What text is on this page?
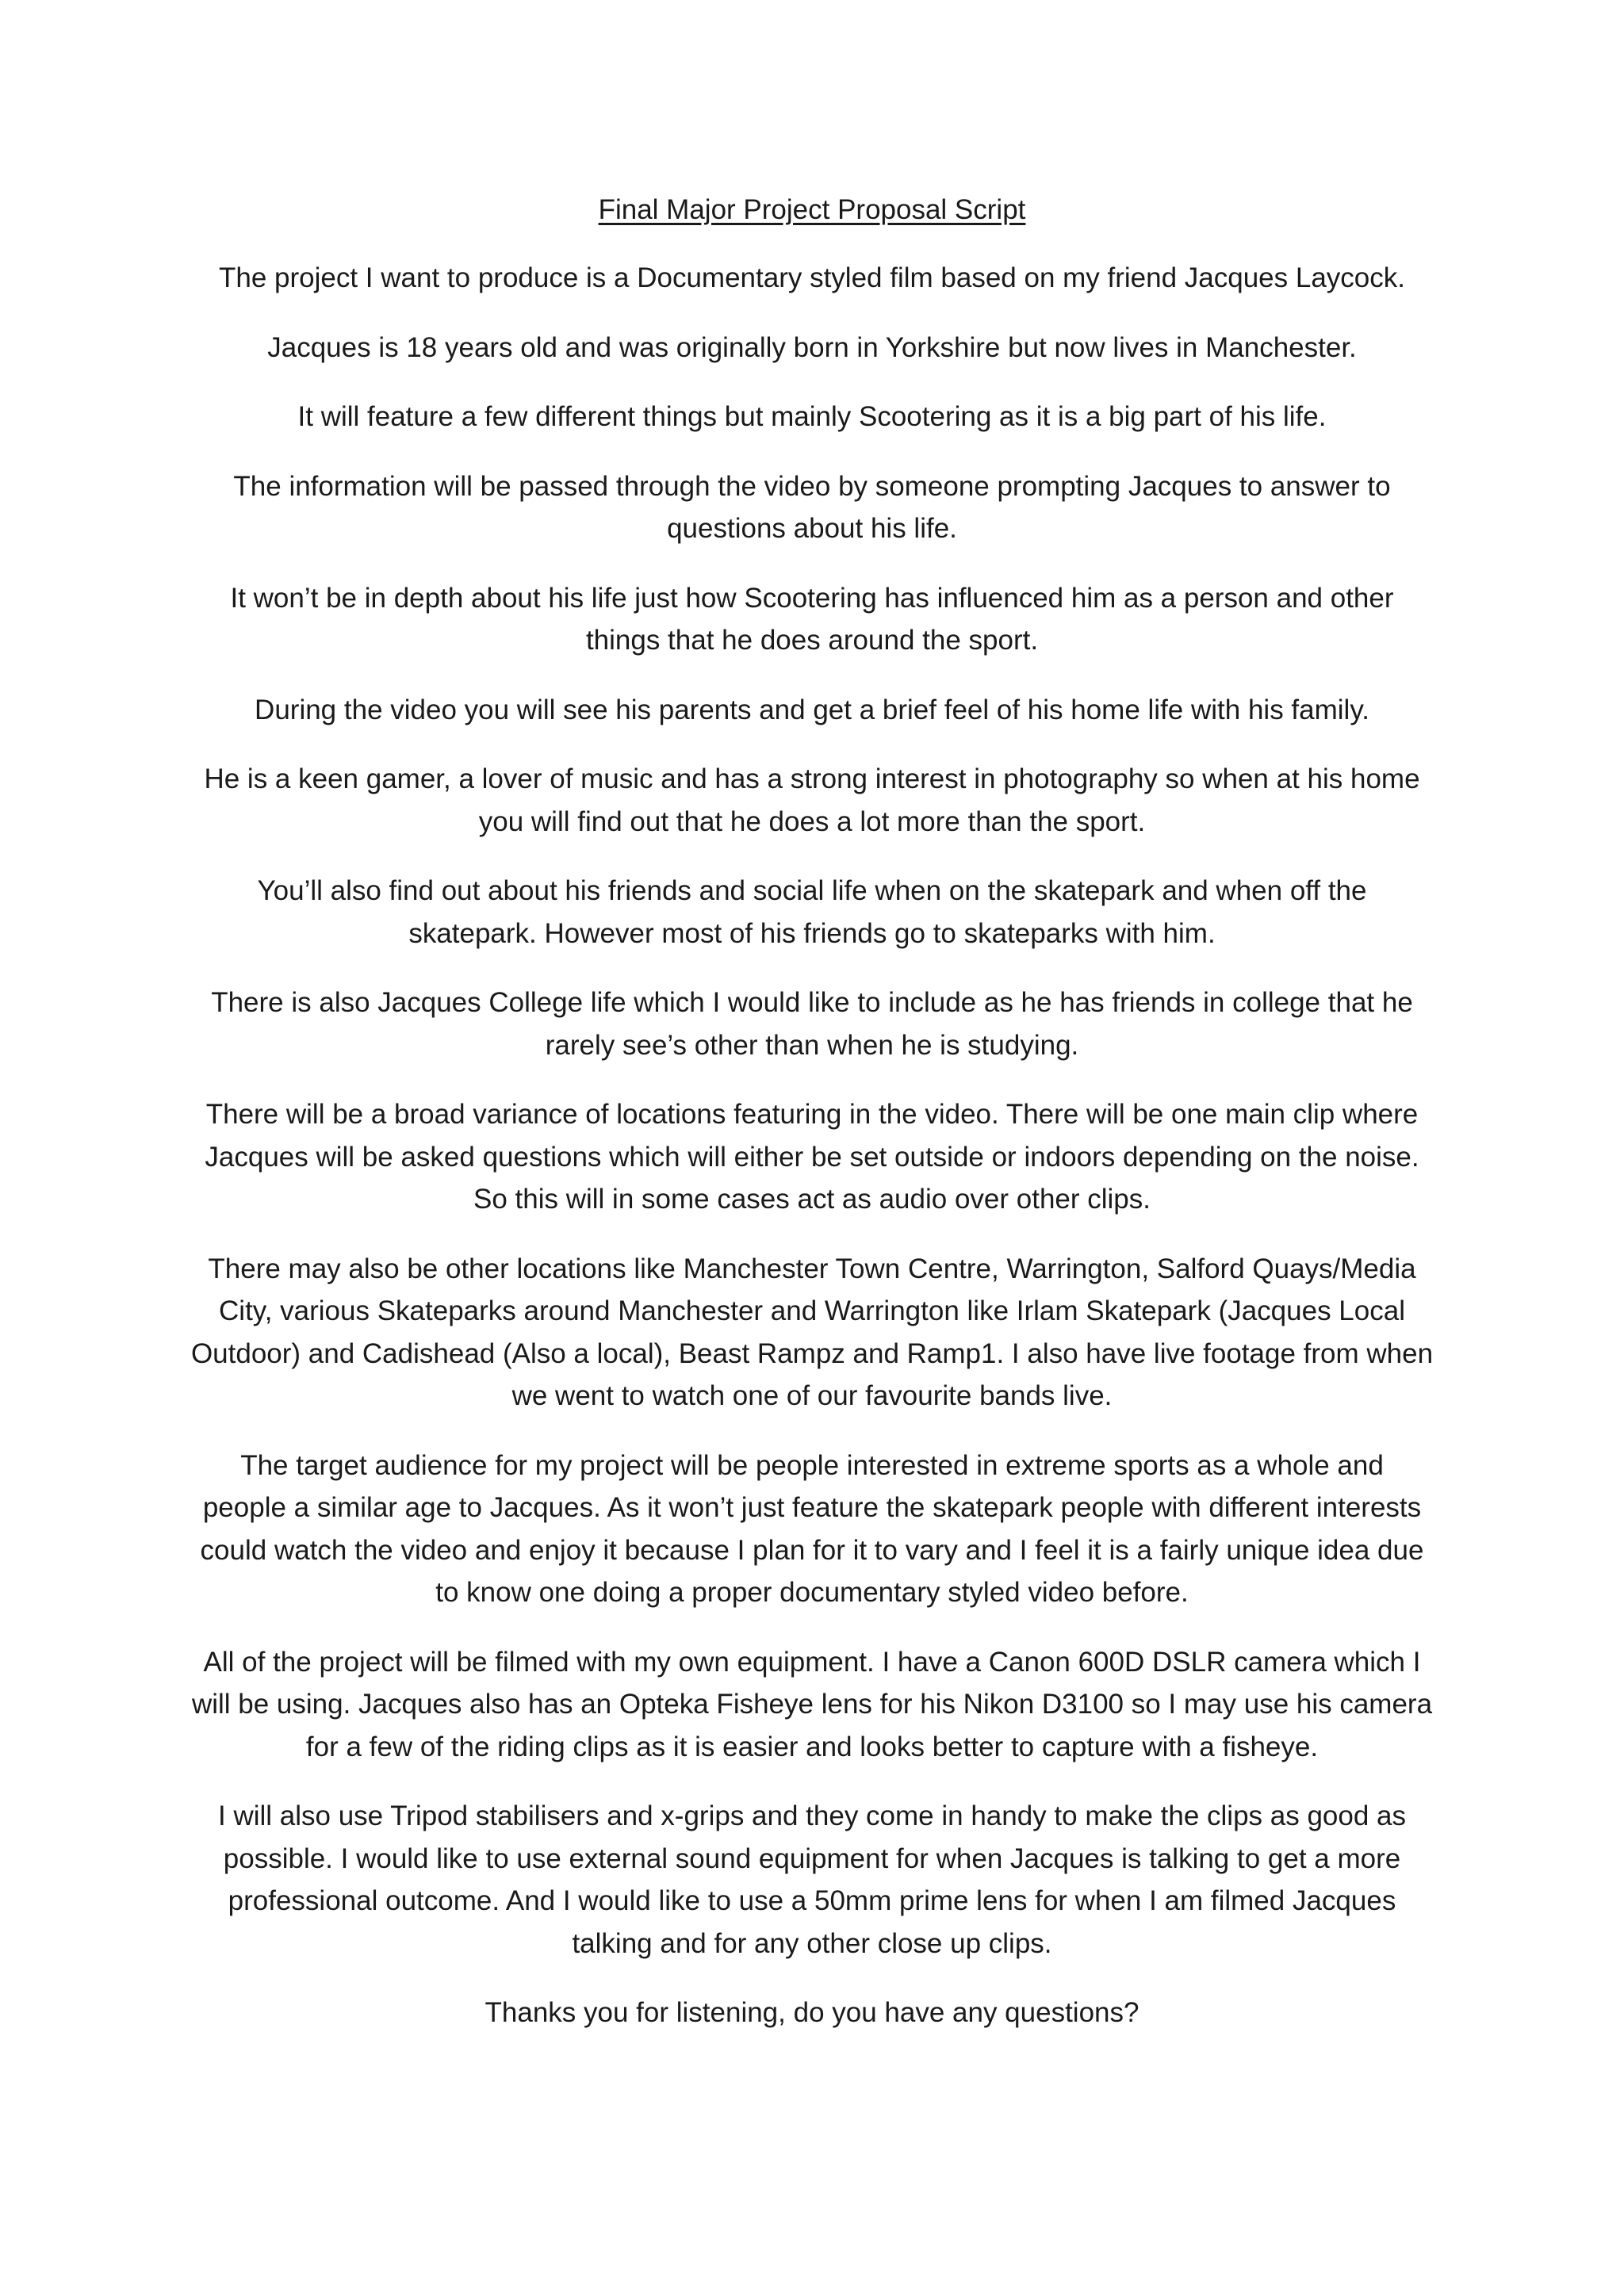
Final Major Project Proposal Script
The project I want to produce is a Documentary styled film based on my friend Jacques Laycock.
Jacques is 18 years old and was originally born in Yorkshire but now lives in Manchester.
It will feature a few different things but mainly Scootering as it is a big part of his life.
The information will be passed through the video by someone prompting Jacques to answer to
questions about his life.
It won’t be in depth about his life just how Scootering has influenced him as a person and other
things that he does around the sport.
During the video you will see his parents and get a brief feel of his home life with his family.
He is a keen gamer, a lover of music and has a strong interest in photography so when at his home
you will find out that he does a lot more than the sport.
You’ll also find out about his friends and social life when on the skatepark and when off the
skatepark. However most of his friends go to skateparks with him.
There is also Jacques College life which I would like to include as he has friends in college that he
rarely see’s other than when he is studying.
There will be a broad variance of locations featuring in the video. There will be one main clip where
Jacques will be asked questions which will either be set outside or indoors depending on the noise.
So this will in some cases act as audio over other clips.
There may also be other locations like Manchester Town Centre, Warrington, Salford Quays/Media
City, various Skateparks around Manchester and Warrington like Irlam Skatepark (Jacques Local
Outdoor) and Cadishead (Also a local), Beast Rampz and Ramp1. I also have live footage from when
we went to watch one of our favourite bands live.
The target audience for my project will be people interested in extreme sports as a whole and
people a similar age to Jacques. As it won’t just feature the skatepark people with different interests
could watch the video and enjoy it because I plan for it to vary and I feel it is a fairly unique idea due
to know one doing a proper documentary styled video before.
All of the project will be filmed with my own equipment. I have a Canon 600D DSLR camera which I
will be using. Jacques also has an Opteka Fisheye lens for his Nikon D3100 so I may use his camera
for a few of the riding clips as it is easier and looks better to capture with a fisheye.
I will also use Tripod stabilisers and x-grips and they come in handy to make the clips as good as
possible. I would like to use external sound equipment for when Jacques is talking to get a more
professional outcome. And I would like to use a 50mm prime lens for when I am filmed Jacques
talking and for any other close up clips.
Thanks you for listening, do you have any questions?
